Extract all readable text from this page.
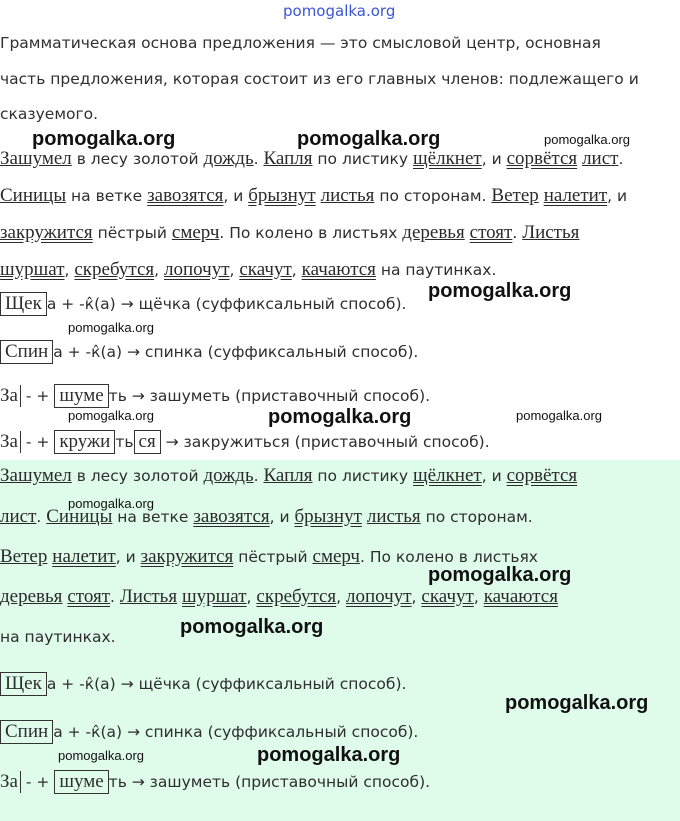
pomogalka.org
Грамматическая основа предложения — это смысловой центр, основная
часть предложения, которая состоит из его главных членов: подлежащего и
сказуемого.
pomogalka.org	pomogalka.org	pomogalka.org
Зашумел в лесу золотой дождь. Капля по листику щёлкнет, и сорвётся лист.
Синицы на ветке завозятся, и брызнут листья по сторонам. Ветер налетит, и
закружится пёстрый смерч. По колено в листьях деревья стоят. Листья
шуршат, скребутся, лопочут, скачут, качаются на паутинках.
pomogalka.org
Щек а + -к̂(а) → щёчка (суффиксальный способ).
pomogalka.org
Спин а + -к̂(а) → спинка (суффиксальный способ).
За - + шуме ть → зашуметь (приставочный способ).
pomogalka.org	pomogalka.org	pomogalka.org
За - + кружи ть ся → закружиться (приставочный способ).
Зашумел в лесу золотой дождь. Капля по листику щёлкнет, и сорвётся
pomogalka.org
лист. Синицы на ветке завозятся, и брызнут листья по сторонам.
Ветер налетит, и закружится пёстрый смерч. По колено в листьях
pomogalka.org
деревья стоят. Листья шуршат, скребутся, лопочут, скачут, качаются
pomogalka.org
на паутинках.
Щек а + -к̂(а) → щёчка (суффиксальный способ).
pomogalka.org
Спин а + -к̂(а) → спинка (суффиксальный способ).
pomogalka.org	pomogalka.org
За - + шуме ть → зашуметь (приставочный способ).
